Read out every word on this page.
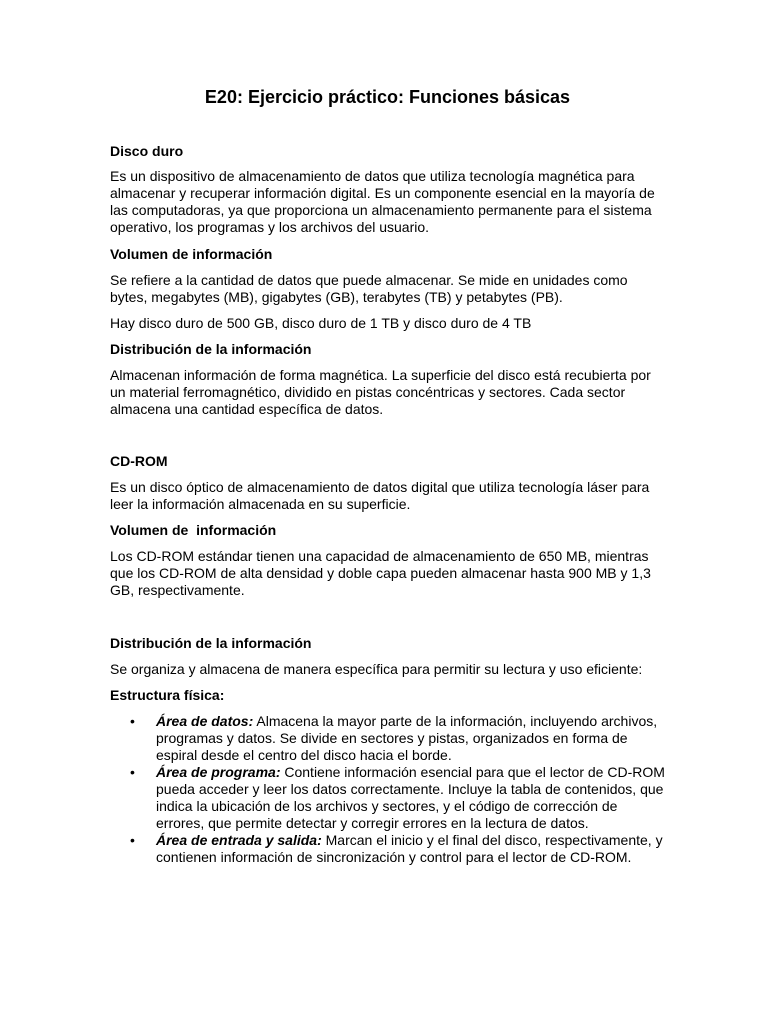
E20: Ejercicio práctico: Funciones básicas

Disco duro

Es un dispositivo de almacenamiento de datos que utiliza tecnología magnética para almacenar y recuperar información digital. Es un componente esencial en la mayoría de las computadoras, ya que proporciona un almacenamiento permanente para el sistema operativo, los programas y los archivos del usuario.

Volumen de información

Se refiere a la cantidad de datos que puede almacenar. Se mide en unidades como bytes, megabytes (MB), gigabytes (GB), terabytes (TB) y petabytes (PB).

Hay disco duro de 500 GB, disco duro de 1 TB y disco duro de 4 TB

Distribución de la información

Almacenan información de forma magnética. La superficie del disco está recubierta por un material ferromagnético, dividido en pistas concéntricas y sectores. Cada sector almacena una cantidad específica de datos.

CD-ROM

Es un disco óptico de almacenamiento de datos digital que utiliza tecnología láser para leer la información almacenada en su superficie.

Volumen de  información

Los CD-ROM estándar tienen una capacidad de almacenamiento de 650 MB, mientras que los CD-ROM de alta densidad y doble capa pueden almacenar hasta 900 MB y 1,3 GB, respectivamente.

Distribución de la información

Se organiza y almacena de manera específica para permitir su lectura y uso eficiente:

Estructura física:

• Área de datos: Almacena la mayor parte de la información, incluyendo archivos, programas y datos. Se divide en sectores y pistas, organizados en forma de espiral desde el centro del disco hacia el borde.
• Área de programa: Contiene información esencial para que el lector de CD-ROM pueda acceder y leer los datos correctamente. Incluye la tabla de contenidos, que indica la ubicación de los archivos y sectores, y el código de corrección de errores, que permite detectar y corregir errores en la lectura de datos.
• Área de entrada y salida: Marcan el inicio y el final del disco, respectivamente, y contienen información de sincronización y control para el lector de CD-ROM.
